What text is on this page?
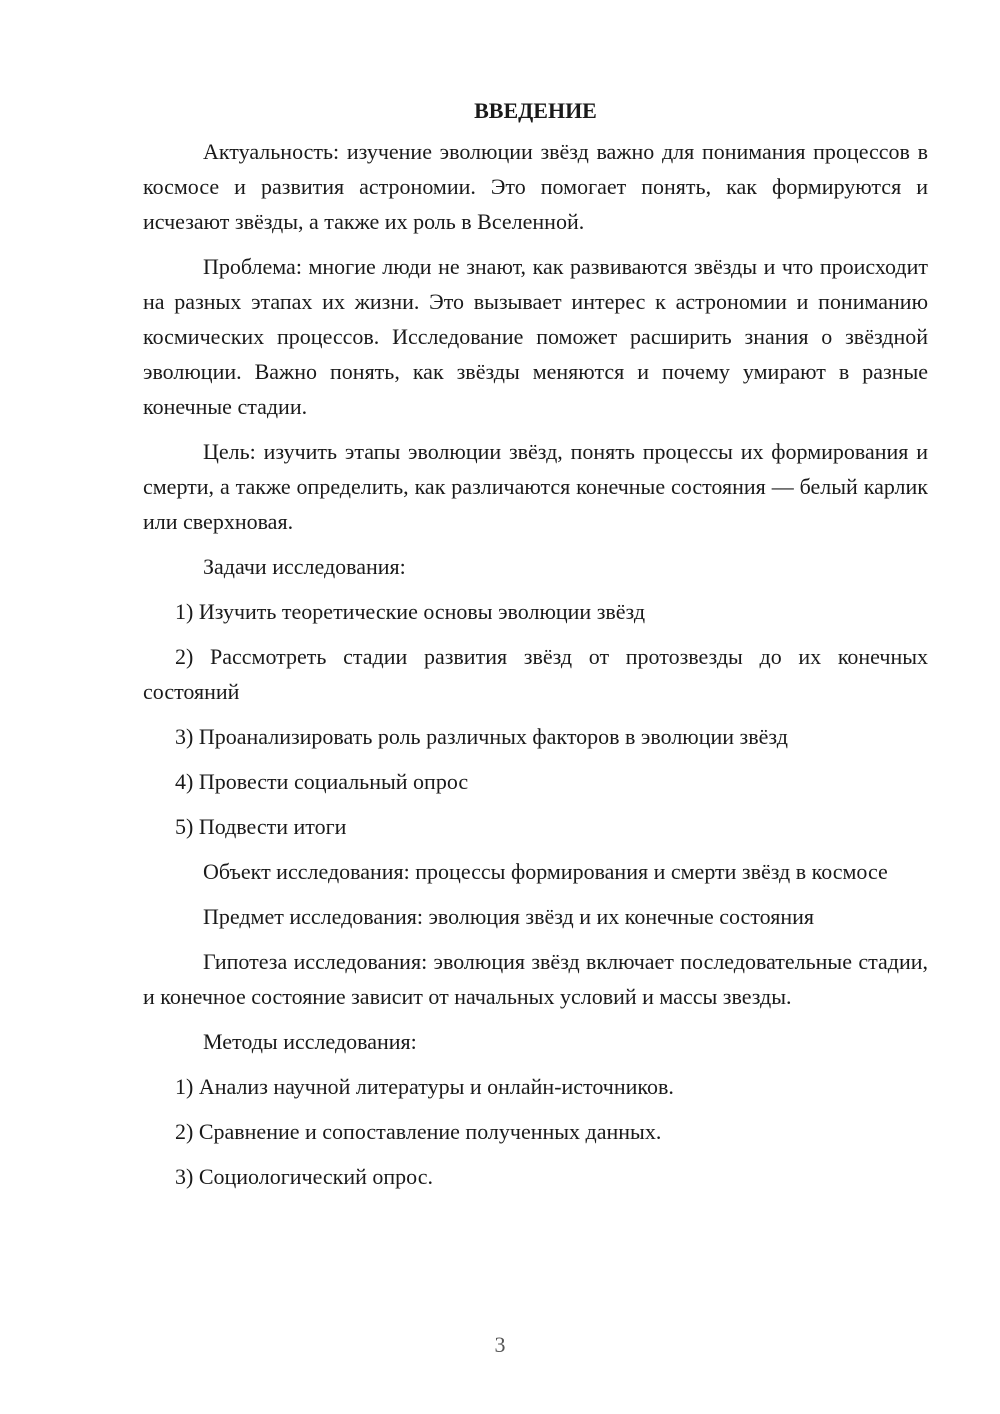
ВВЕДЕНИЕ
Актуальность: изучение эволюции звёзд важно для понимания процессов в космосе и развития астрономии. Это помогает понять, как формируются и исчезают звёзды, а также их роль в Вселенной.
Проблема: многие люди не знают, как развиваются звёзды и что происходит на разных этапах их жизни. Это вызывает интерес к астрономии и пониманию космических процессов. Исследование поможет расширить знания о звёздной эволюции. Важно понять, как звёзды меняются и почему умирают в разные конечные стадии.
Цель: изучить этапы эволюции звёзд, понять процессы их формирования и смерти, а также определить, как различаются конечные состояния — белый карлик или сверхновая.
Задачи исследования:
1) Изучить теоретические основы эволюции звёзд
2) Рассмотреть стадии развития звёзд от протозвезды до их конечных состояний
3) Проанализировать роль различных факторов в эволюции звёзд
4) Провести социальный опрос
5) Подвести итоги
Объект исследования: процессы формирования и смерти звёзд в космосе
Предмет исследования: эволюция звёзд и их конечные состояния
Гипотеза исследования: эволюция звёзд включает последовательные стадии, и конечное состояние зависит от начальных условий и массы звезды.
Методы исследования:
1) Анализ научной литературы и онлайн-источников.
2) Сравнение и сопоставление полученных данных.
3) Социологический опрос.
3
